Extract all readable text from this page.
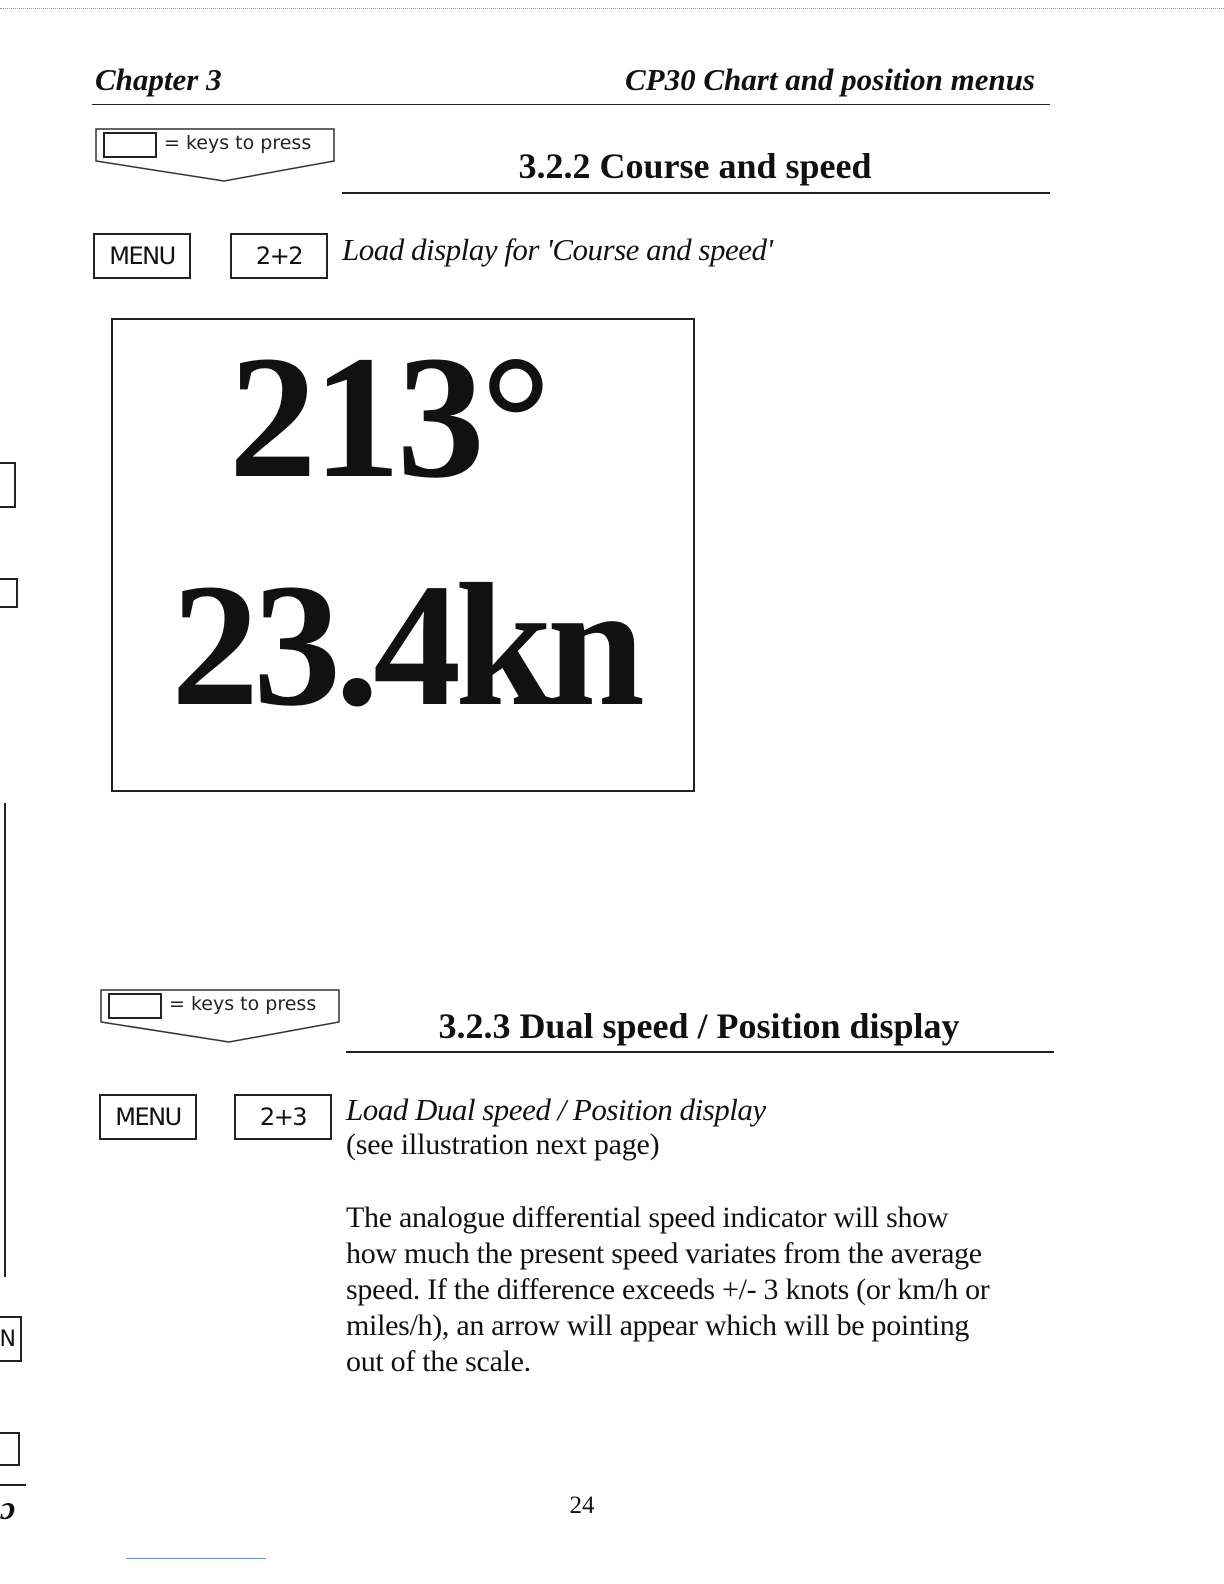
Chapter 3	CP30 Chart and position menus
= keys to press
3.2.2 Course and speed
MENU	2+2	Load display for 'Course and speed'
213°
23.4kn
= keys to press
3.2.3 Dual speed / Position display
MENU	2+3	Load Dual speed / Position display
(see illustration next page)
The analogue differential speed indicator will show
how much the present speed variates from the average
speed. If the difference exceeds +/- 3 knots (or km/h or
miles/h), an arrow will appear which will be pointing
out of the scale.
24
N
ɔ
